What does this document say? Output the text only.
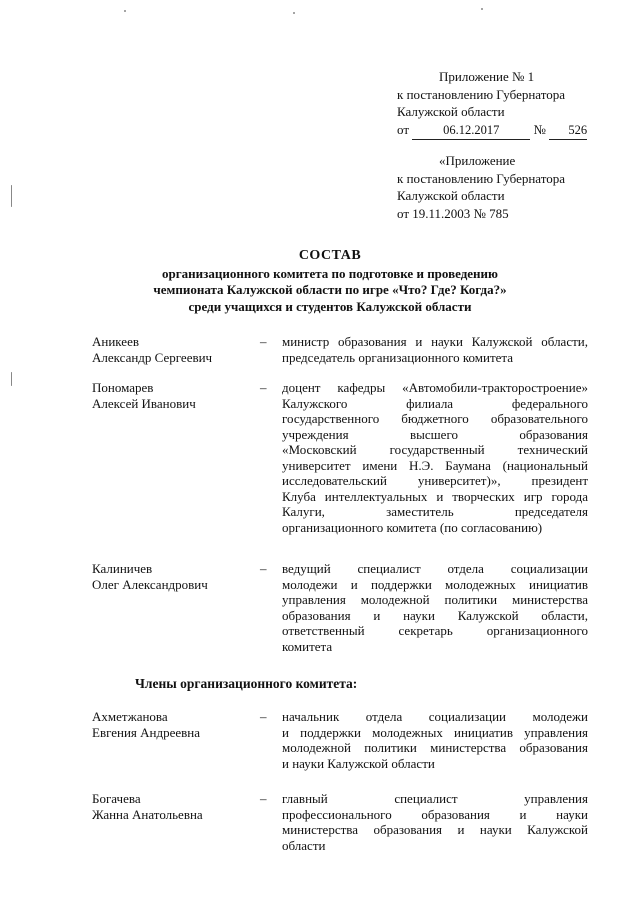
Приложение № 1
к постановлению Губернатора
Калужской области
от	06.12.2017	№ 526
«Приложение
к постановлению Губернатора
Калужской области
от 19.11.2003 № 785
СОСТАВ
организационного комитета по подготовке и проведению
чемпионата Калужской области по игре «Что? Где? Когда?»
среди учащихся и студентов Калужской области
Аникеев
Александр Сергеевич
– министр образования и науки Калужской области,
председатель организационного комитета
Пономарев
Алексей Иванович
– доцент кафедры «Автомобили-тракторостроение»
Калужского филиала федерального
государственного бюджетного образовательного
учреждения высшего образования
«Московский государственный технический
университет имени Н.Э. Баумана (национальный
исследовательский университет)», президент
Клуба интеллектуальных и творческих игр города
Калуги, заместитель председателя
организационного комитета (по согласованию)
Калиничев
Олег Александрович
– ведущий специалист отдела социализации
молодежи и поддержки молодежных инициатив
управления молодежной политики министерства
образования и науки Калужской области,
ответственный секретарь организационного
комитета
Члены организационного комитета:
Ахметжанова
Евгения Андреевна
– начальник отдела социализации молодежи
и поддержки молодежных инициатив управления
молодежной политики министерства образования
и науки Калужской области
Богачева
Жанна Анатольевна
– главный специалист управления
профессионального образования и науки
министерства образования и науки Калужской
области
